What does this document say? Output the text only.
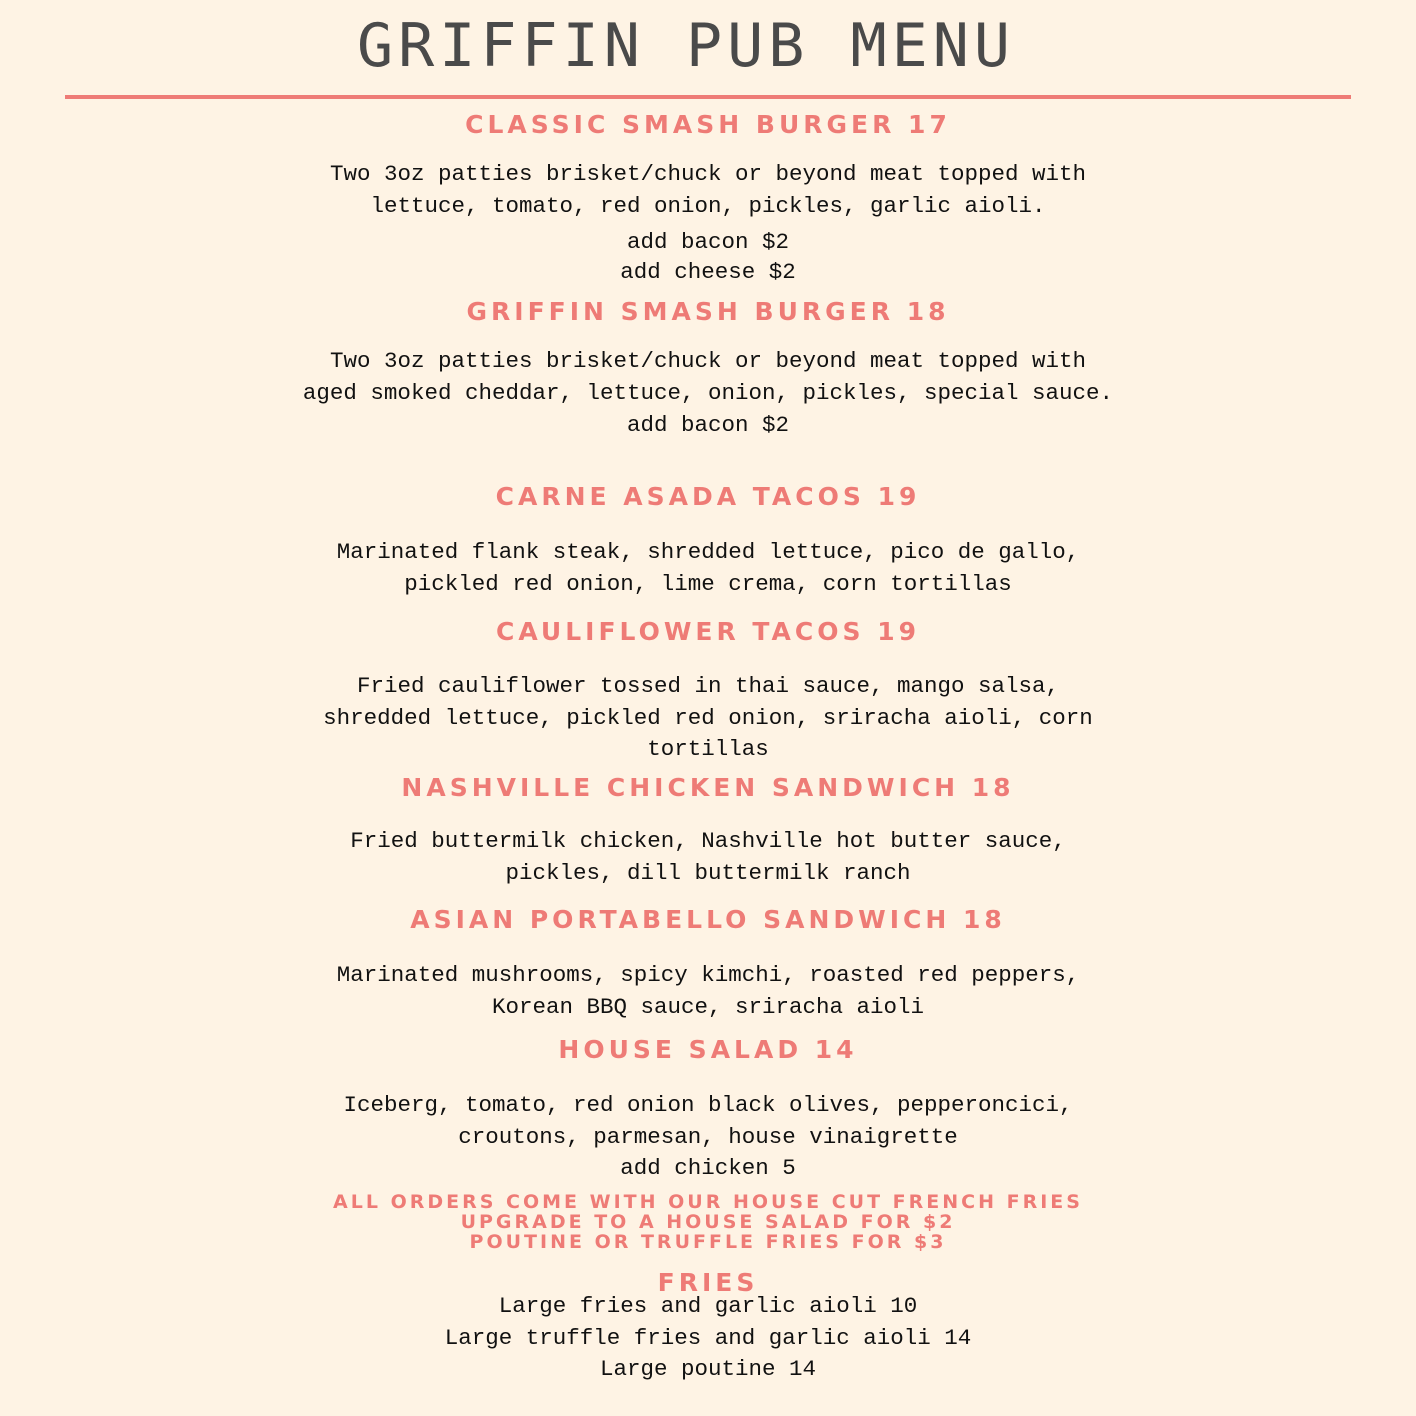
GRIFFIN PUB MENU
CLASSIC SMASH BURGER 17
Two 3oz patties brisket/chuck or beyond meat topped with
lettuce, tomato, red onion, pickles, garlic aioli.
add bacon $2
add cheese $2
GRIFFIN SMASH BURGER 18
Two 3oz patties brisket/chuck or beyond meat topped with
aged smoked cheddar, lettuce, onion, pickles, special sauce.
add bacon $2
CARNE ASADA TACOS 19
Marinated flank steak, shredded lettuce, pico de gallo,
pickled red onion, lime crema, corn tortillas
CAULIFLOWER TACOS 19
Fried cauliflower tossed in thai sauce, mango salsa,
shredded lettuce, pickled red onion, sriracha aioli, corn
tortillas
NASHVILLE CHICKEN SANDWICH 18
Fried buttermilk chicken, Nashville hot butter sauce,
pickles, dill buttermilk ranch
ASIAN PORTABELLO SANDWICH 18
Marinated mushrooms, spicy kimchi, roasted red peppers,
Korean BBQ sauce, sriracha aioli
HOUSE SALAD 14
Iceberg, tomato, red onion black olives, pepperoncici,
croutons, parmesan, house vinaigrette
add chicken 5
ALL ORDERS COME WITH OUR HOUSE CUT FRENCH FRIES
UPGRADE TO A HOUSE SALAD FOR $2
POUTINE OR TRUFFLE FRIES FOR $3
FRIES
Large fries and garlic aioli 10
Large truffle fries and garlic aioli 14
Large poutine 14
